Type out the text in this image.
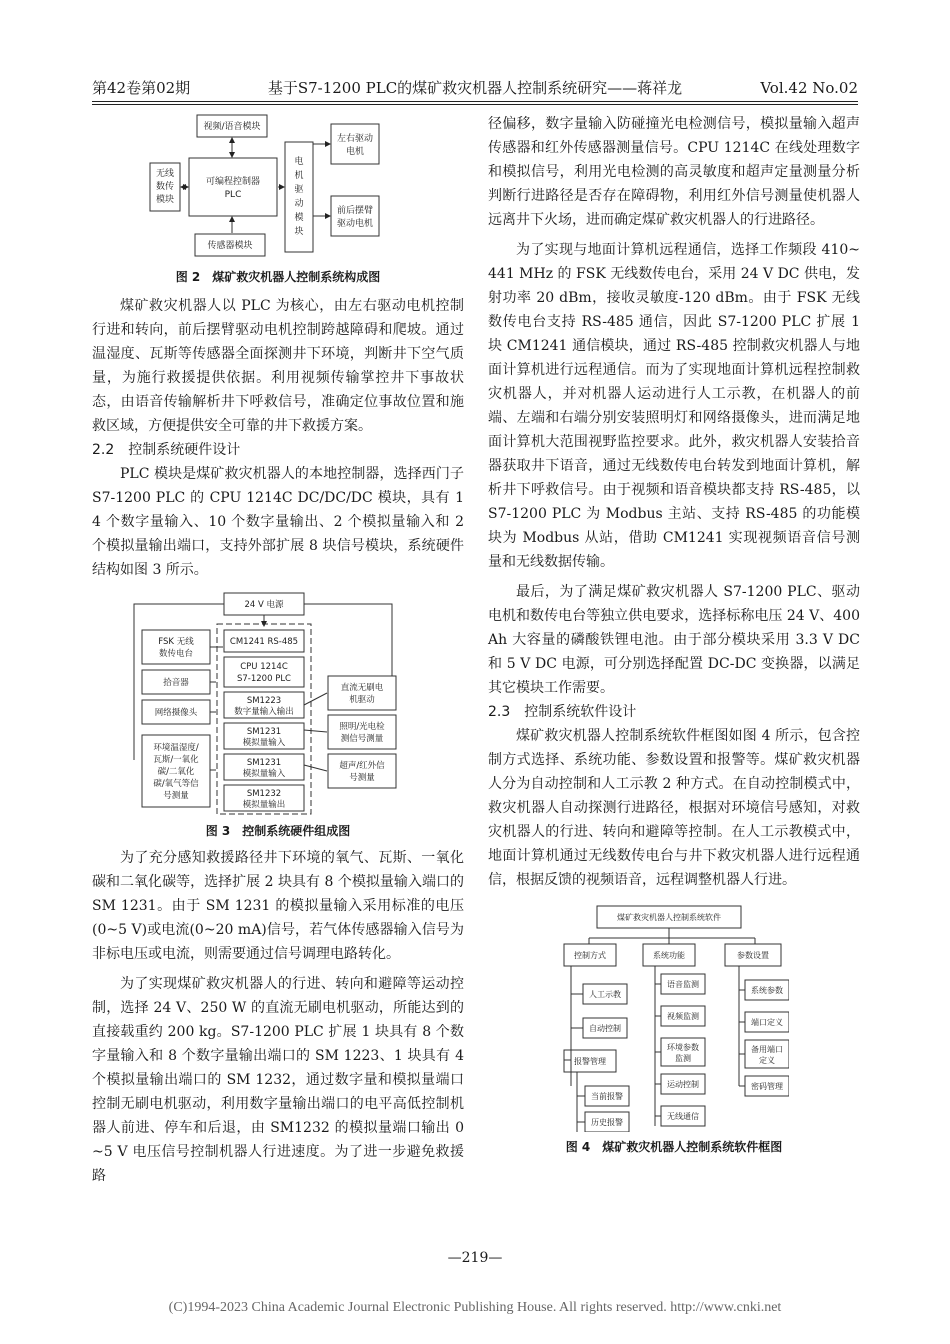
第42卷第02期	基于S7-1200 PLC的煤矿救灾机器人控制系统研究——蒋祥龙	Vol.42 No.02
视频/语音模块
无线
数传
模块
可编程控制器
PLC
传感器模块
电
机
驱
动
模
块
左右驱动
电机
前后摆臂
驱动电机
图 2　煤矿救灾机器人控制系统构成图

煤矿救灾机器人以 PLC 为核心，由左右驱动电机控制行进和转向，前后摆臂驱动电机控制跨越障碍和爬坡。通过温湿度、瓦斯等传感器全面探测井下环境，判断井下空气质量，为施行救援提供依据。利用视频传输掌控井下事故状态，由语音传输解析井下呼救信号，准确定位事故位置和施救区域，方便提供安全可靠的井下救援方案。

2.2 控制系统硬件设计

PLC 模块是煤矿救灾机器人的本地控制器，选择西门子 S7-1200 PLC 的 CPU 1214C DC/DC/DC 模块，具有 14 个数字量输入、10 个数字量输出、2 个模拟量输入和 2 个模拟量输出端口，支持外部扩展 8 块信号模块，系统硬件结构如图 3 所示。

24 V 电源
FSK 无线
数传电台
拾音器
网络摄像头
环境温湿度/
瓦斯/一氧化
碳/二氧化
碳/氧气等信
号测量
CM1241 RS-485
CPU 1214C
S7-1200 PLC
SM1223
数字量输入输出
SM1231
模拟量输入
SM1231
模拟量输入
SM1232
模拟量输出
直流无刷电
机驱动
照明/光电检
测信号测量
超声/红外信
号测量
图 3　控制系统硬件组成图

为了充分感知救援路径井下环境的氧气、瓦斯、一氧化碳和二氧化碳等，选择扩展 2 块具有 8 个模拟量输入端口的 SM 1231。由于 SM 1231 的模拟量输入采用标准的电压(0~5 V)或电流(0~20 mA)信号，若气体传感器输入信号为非标电压或电流，则需要通过信号调理电路转化。

为了实现煤矿救灾机器人的行进、转向和避障等运动控制，选择 24 V、250 W 的直流无刷电机驱动，所能达到的直接载重约 200 kg。S7-1200 PLC 扩展 1 块具有 8 个数字量输入和 8 个数字量输出端口的 SM 1223、1 块具有 4 个模拟量输出端口的 SM 1232，通过数字量和模拟量端口控制无刷电机驱动，利用数字量输出端口的电平高低控制机器人前进、停车和后退，由 SM1232 的模拟量端口输出 0~5 V 电压信号控制机器人行进速度。为了进一步避免救援路

径偏移，数字量输入防碰撞光电检测信号，模拟量输入超声传感器和红外传感器测量信号。CPU 1214C 在线处理数字和模拟信号，利用光电检测的高灵敏度和超声定量测量分析判断行进路径是否存在障碍物，利用红外信号测量使机器人远离井下火场，进而确定煤矿救灾机器人的行进路径。

为了实现与地面计算机远程通信，选择工作频段 410~441 MHz 的 FSK 无线数传电台，采用 24 V DC 供电，发射功率 20 dBm，接收灵敏度-120 dBm。由于 FSK 无线数传电台支持 RS-485 通信，因此 S7-1200 PLC 扩展 1 块 CM1241 通信模块，通过 RS-485 控制救灾机器人与地面计算机进行远程通信。而为了实现地面计算机远程控制救灾机器人，并对机器人运动进行人工示教，在机器人的前端、左端和右端分别安装照明灯和网络摄像头，进而满足地面计算机大范围视野监控要求。此外，救灾机器人安装拾音器获取井下语音，通过无线数传电台转发到地面计算机，解析井下呼救信号。由于视频和语音模块都支持 RS-485，以 S7-1200 PLC 为 Modbus 主站、支持 RS-485 的功能模块为 Modbus 从站，借助 CM1241 实现视频语音信号测量和无线数据传输。

最后，为了满足煤矿救灾机器人 S7-1200 PLC、驱动电机和数传电台等独立供电要求，选择标称电压 24 V、400 Ah 大容量的磷酸铁锂电池。由于部分模块采用 3.3 V DC 和 5 V DC 电源，可分别选择配置 DC-DC 变换器，以满足其它模块工作需要。

2.3 控制系统软件设计

煤矿救灾机器人控制系统软件框图如图 4 所示，包含控制方式选择、系统功能、参数设置和报警等。煤矿救灾机器人分为自动控制和人工示教 2 种方式。在自动控制模式中，救灾机器人自动探测行进路径，根据对环境信号感知，对救灾机器人的行进、转向和避障等控制。在人工示教模式中，地面计算机通过无线数传电台与井下救灾机器人进行远程通信，根据反馈的视频语音，远程调整机器人行进。

煤矿救灾机器人控制系统软件
控制方式	系统功能	参数设置
人工示教
自动控制
报警管理
当前报警
历史报警
语音监测
视频监测
环境参数
监测
运动控制
无线通信
系统参数
端口定义
备用端口
定义
密码管理
图 4　煤矿救灾机器人控制系统软件框图
—219—
(C)1994-2023 China Academic Journal Electronic Publishing House. All rights reserved. http://www.cnki.net
